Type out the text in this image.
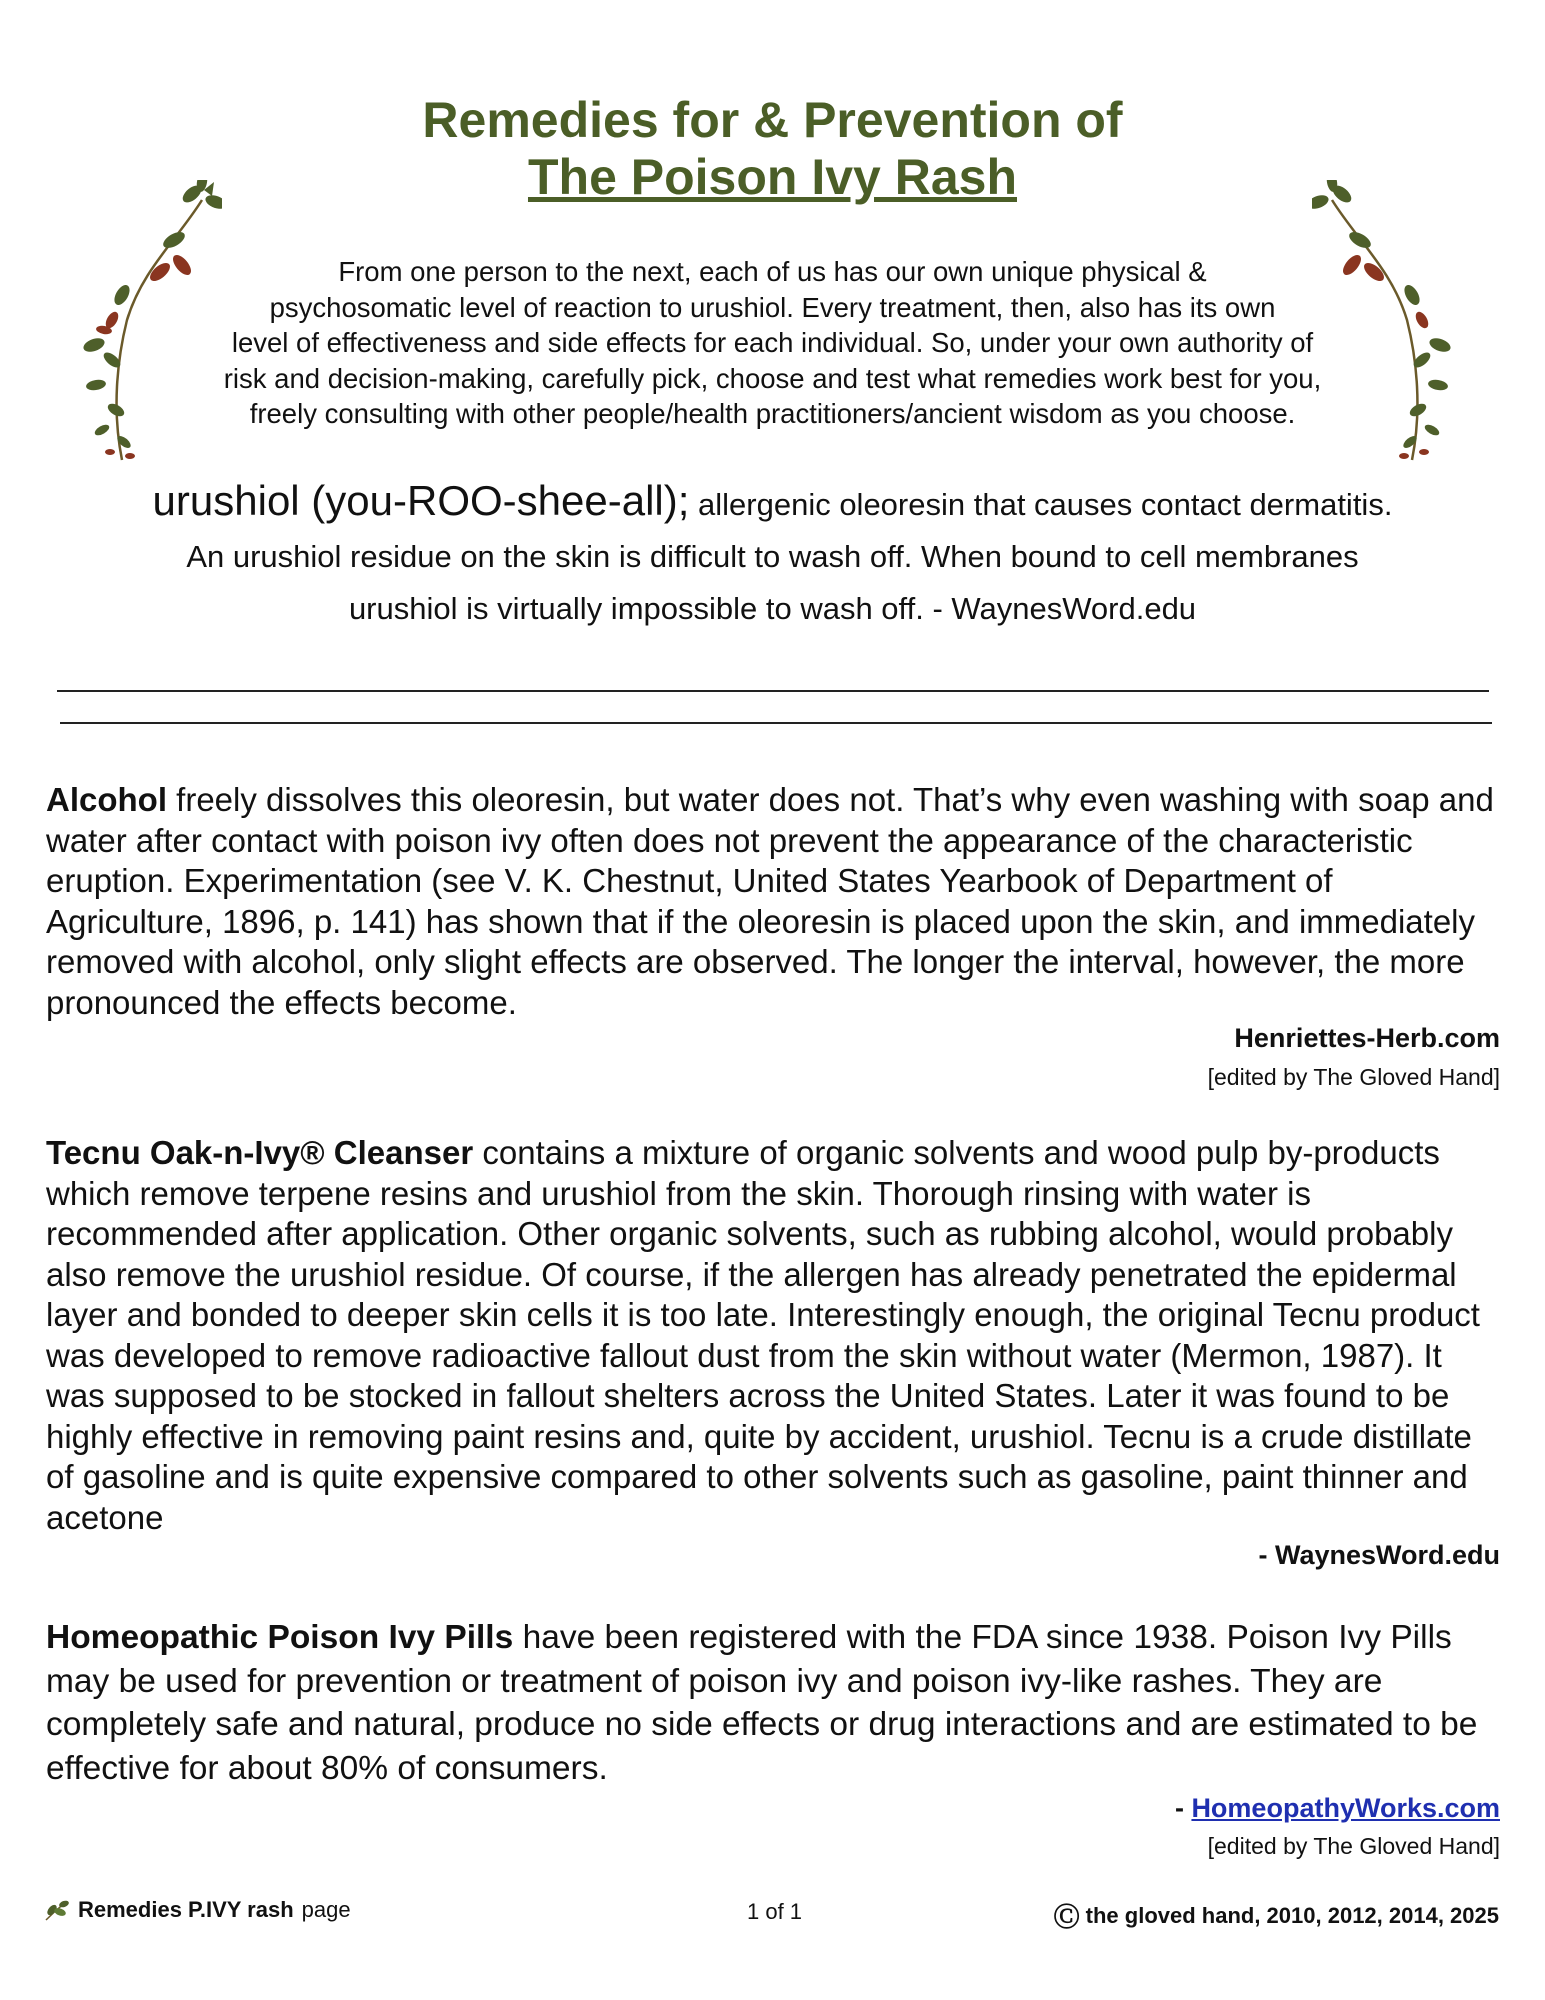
Remedies for & Prevention of
The Poison Ivy Rash
From one person to the next, each of us has our own unique physical &
psychosomatic level of reaction to urushiol. Every treatment, then, also has its own
level of effectiveness and side effects for each individual. So, under your own authority of
risk and decision-making, carefully pick, choose and test what remedies work best for you,
freely consulting with other people/health practitioners/ancient wisdom as you choose.
urushiol (you-ROO-shee-all); allergenic oleoresin that causes contact dermatitis.
An urushiol residue on the skin is difficult to wash off. When bound to cell membranes
urushiol is virtually impossible to wash off. - WaynesWord.edu
Alcohol freely dissolves this oleoresin, but water does not. That’s why even washing with soap and water after contact with poison ivy often does not prevent the appearance of the characteristic eruption. Experimentation (see V. K. Chestnut, United States Yearbook of Department of Agriculture, 1896, p. 141) has shown that if the oleoresin is placed upon the skin, and immediately removed with alcohol, only slight effects are observed. The longer the interval, however, the more pronounced the effects become.
Henriettes-Herb.com
[edited by The Gloved Hand]
Tecnu Oak-n-Ivy® Cleanser contains a mixture of organic solvents and wood pulp by-products which remove terpene resins and urushiol from the skin. Thorough rinsing with water is recommended after application. Other organic solvents, such as rubbing alcohol, would probably also remove the urushiol residue. Of course, if the allergen has already penetrated the epidermal layer and bonded to deeper skin cells it is too late. Interestingly enough, the original Tecnu product was developed to remove radioactive fallout dust from the skin without water (Mermon, 1987). It was supposed to be stocked in fallout shelters across the United States. Later it was found to be highly effective in removing paint resins and, quite by accident, urushiol. Tecnu is a crude distillate of gasoline and is quite expensive compared to other solvents such as gasoline, paint thinner and acetone
- WaynesWord.edu
Homeopathic Poison Ivy Pills have been registered with the FDA since 1938. Poison Ivy Pills may be used for prevention or treatment of poison ivy and poison ivy-like rashes. They are completely safe and natural, produce no side effects or drug interactions and are estimated to be effective for about 80% of consumers.
- HomeopathyWorks.com
[edited by The Gloved Hand]
Remedies P.IVY rash page	1 of 1	Ⓒ the gloved hand, 2010, 2012, 2014, 2025
